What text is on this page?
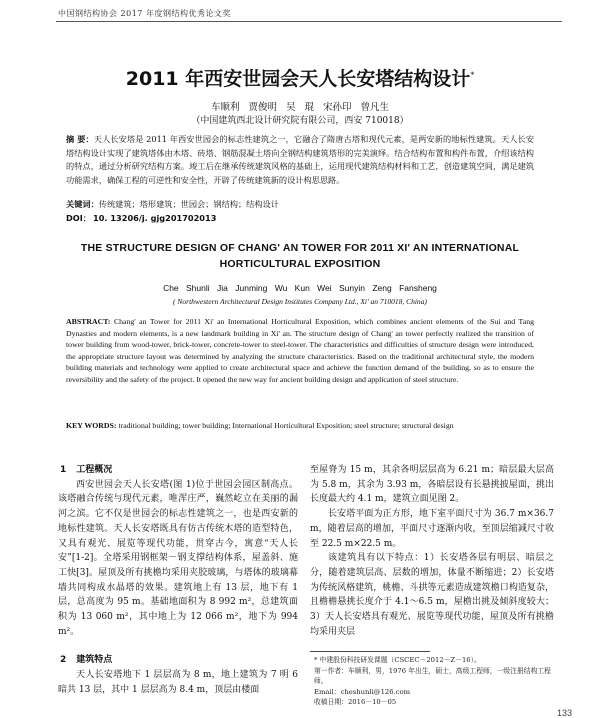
中国钢结构协会 2017 年度钢结构优秀论文奖
2011 年西安世园会天人长安塔结构设计*
车顺利 贾俊明 吴 琨 宋孙印 曾凡生
（中国建筑西北设计研究院有限公司，西安 710018）
摘 要：天人长安塔是 2011 年西安世园会的标志性建筑之一，它融合了隋唐古塔和现代元素，是两安新的地标性建筑。天人长安塔结构设计实现了建筑塔体由木塔、砖塔、钢筋混凝土塔向全钢结构建筑塔形的完美演绎。结合结构布置和构件布置，介绍该结构的特点，通过分析研究结构方案。竣工后在继承传统建筑风格的基础上，运用现代建筑结构材料和工艺，创造建筑空间，满足建筑功能需求，确保工程的可逆性和安全性，开辟了传统建筑新的设计构思思路。
关键词：传统建筑；塔形建筑；世园会；钢结构；结构设计
DOI： 10. 13206/j. gjg201702013
THE STRUCTURE DESIGN OF CHANG' AN TOWER FOR 2011 XI' AN INTERNATIONAL HORTICULTURAL EXPOSITION
Che Shunli Jia Junming Wu Kun Wei Sunyin Zeng Fansheng
( Northwestern Architectural Design Institutes Company Ltd., Xi' an 710018, China)
ABSTRACT: Chang' an Tower for 2011 Xi' an International Horticultural Exposition, which combines ancient elements of the Sui and Tang Dynasties and modern elements, is a new landmark building in Xi' an. The structure design of Chang' an tower perfectly realized the transition of tower building from wood-tower, brick-tower, concrete-tower to steel-tower. The characteristics and difficulties of structure design were introduced, the appropriate structure layout was determined by analyzing the structure characteristics. Based on the traditional architectural style, the modern building materials and technology were applied to create architectural space and achieve the function demand of the building, so as to ensure the reversibility and the safety of the project. It opened the new way for ancient building design and application of steel structure.
KEY WORDS: traditional building; tower building; International Horticultural Exposition; steel structure; structural design
1 工程概况

西安世园会天人长安塔(图 1)位于世园会园区制高点。该塔融合传统与现代元素，唯浑庄严，巍然屹立在美丽的漏河之滨。它不仅是世园会的标志性建筑之一，也是西安新的地标性建筑。天人长安塔既具有仿古传统木塔的造型特色，又具有观光、展览等现代功能，贯穿古今，寓意“天人长安”[1-2]。全塔采用钢框架－钢支撑结构体系，屋盖斜、施工快[3]。屋顶及所有挑檐均采用夹胶玻璃，与塔体的玻璃幕墙共同构成水晶塔的效果。建筑地上有 13 层，地下有 1 层，总高度为 95 m。基础地面积为 8 992 m²，总建筑面积为 13 060 m²，其中地上为 12 066 m²，地下为 994 m²。

2 建筑特点

天人长安塔地下 1 层层高为 8 m，地上建筑为 7 明 6 暗共 13 层，其中 1 层层高为 8.4 m，顶层由楼面

至屋脊为 15 m，其余各明层层高为 6.21 m；暗层最大层高为 5.8 m，其余为 3.93 m，各暗层设有长悬挑披屋面，挑出长度最大约 4.1 m，建筑立面见图 2。

长安塔平面为正方形，地下室平面尺寸为 36.7 m×36.7 m，随着层高的增加，平面尺寸逐渐内收，至顶层缩减尺寸收至 22.5 m×22.5 m。

该建筑具有以下特点：1）长安塔各层有明层、暗层之分，随着建筑层高、层数的增加，体量不断缩进；2）长安塔为传统风格建筑，桃檐、斗拱等元素造成建筑檐口构造复杂，且檐檐悬挑长度介于 4.1～6.5 m，屋檐出挑及倾斜度较大；3）天人长安塔具有观光、展览等现代功能，屋顶及所有挑檐均采用夹层

* 中建股份科技研发课题（CSCEC－2012－Z－16）。
第一作者：车顺利，男，1976 年出生，硕士，高级工程师，一级注册结构工程师。
Email：cheshunli@126.com
收稿日期：2016－10－05
133
